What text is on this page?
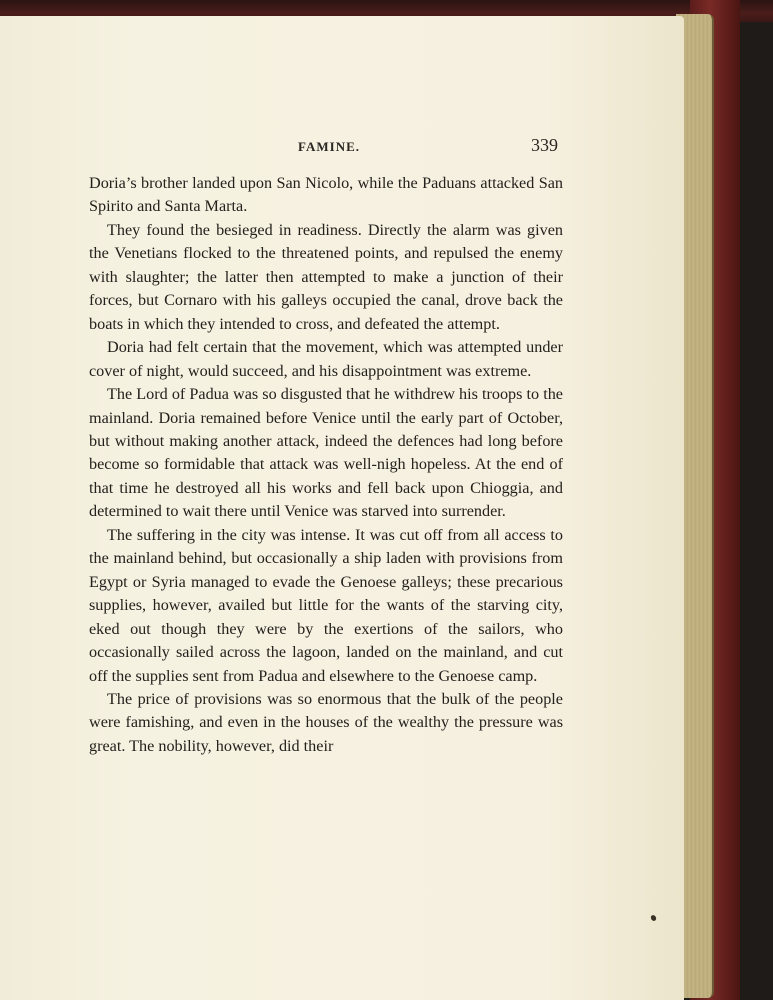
FAMINE.	339

Doria’s brother landed upon San Nicolo, while the Paduans attacked San Spirito and Santa Marta.

They found the besieged in readiness. Directly the alarm was given the Venetians flocked to the threatened points, and repulsed the enemy with slaughter; the latter then attempted to make a junction of their forces, but Cornaro with his galleys occupied the canal, drove back the boats in which they intended to cross, and defeated the attempt.

Doria had felt certain that the movement, which was attempted under cover of night, would succeed, and his disappointment was extreme.

The Lord of Padua was so disgusted that he withdrew his troops to the mainland. Doria remained before Venice until the early part of October, but without making another attack, indeed the defences had long before become so formidable that attack was well-nigh hopeless. At the end of that time he destroyed all his works and fell back upon Chioggia, and determined to wait there until Venice was starved into surrender.

The suffering in the city was intense. It was cut off from all access to the mainland behind, but occasionally a ship laden with provisions from Egypt or Syria managed to evade the Genoese galleys; these precarious supplies, however, availed but little for the wants of the starving city, eked out though they were by the exertions of the sailors, who occasionally sailed across the lagoon, landed on the mainland, and cut off the supplies sent from Padua and elsewhere to the Genoese camp.

The price of provisions was so enormous that the bulk of the people were famishing, and even in the houses of the wealthy the pressure was great. The nobility, however, did their
